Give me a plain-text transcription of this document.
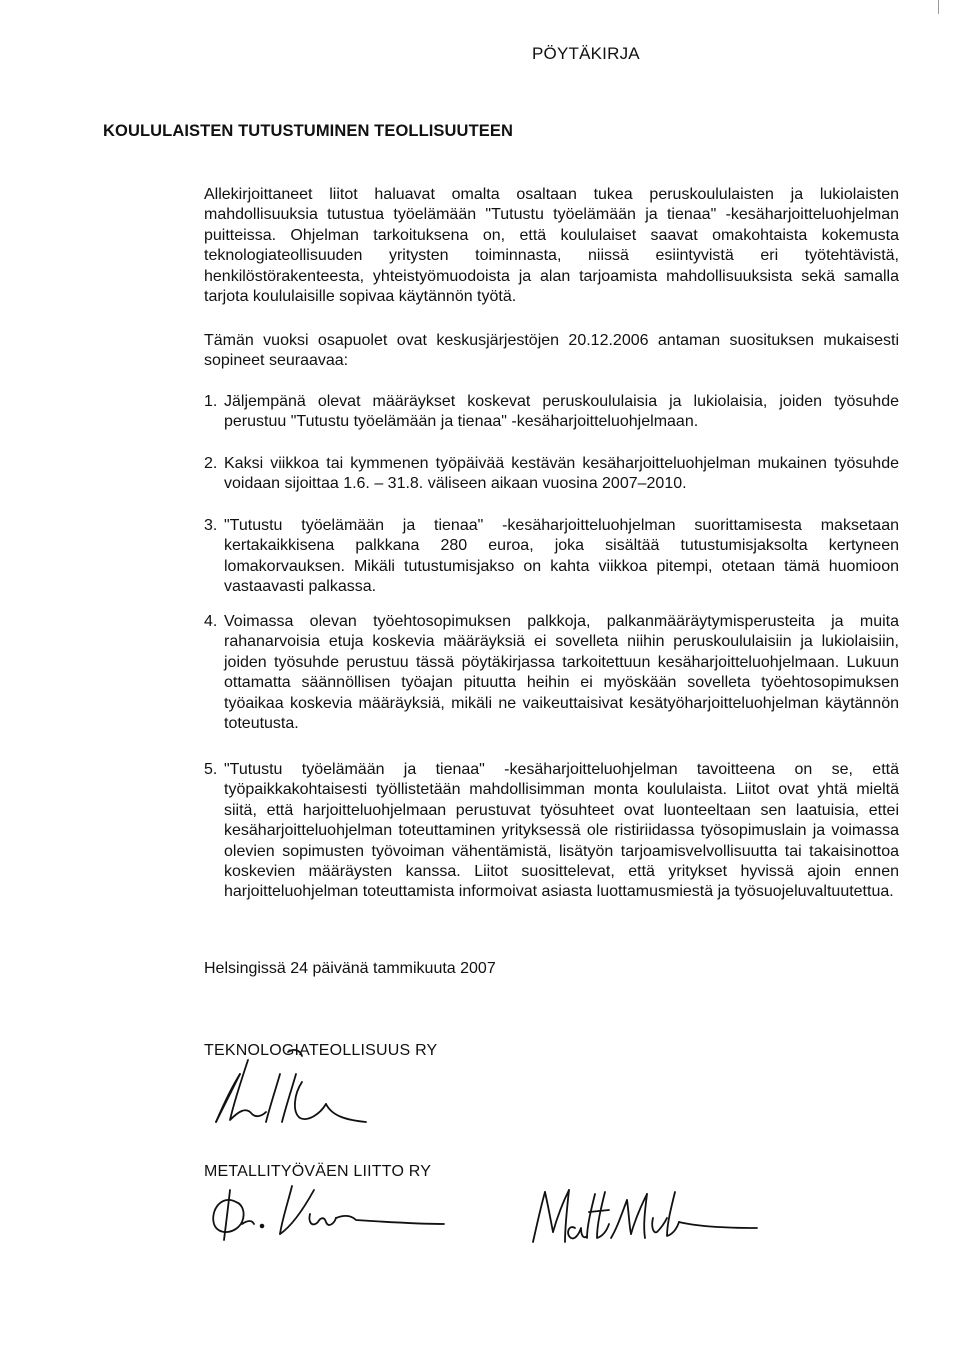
PÖYTÄKIRJA
KOULULAISTEN TUTUSTUMINEN TEOLLISUUTEEN

Allekirjoittaneet liitot haluavat omalta osaltaan tukea peruskoululaisten ja lukiolaisten mahdollisuuksia tutustua työelämään "Tutustu työelämään ja tienaa" -kesäharjoitteluohjelman puitteissa. Ohjelman tarkoituksena on, että koululaiset saavat omakohtaista kokemusta teknologiateollisuuden yritysten toiminnasta, niissä esiintyvistä eri työtehtävistä, henkilöstörakenteesta, yhteistyömuodoista ja alan tarjoamista mahdollisuuksista sekä samalla tarjota koululaisille sopivaa käytännön työtä.

Tämän vuoksi osapuolet ovat keskusjärjestöjen 20.12.2006 antaman suosituksen mukaisesti sopineet seuraavaa:

1. Jäljempänä olevat määräykset koskevat peruskoululaisia ja lukiolaisia, joiden työsuhde perustuu "Tutustu työelämään ja tienaa" -kesäharjoitteluohjelmaan.
2. Kaksi viikkoa tai kymmenen työpäivää kestävän kesäharjoitteluohjelman mukainen työsuhde voidaan sijoittaa 1.6. – 31.8. väliseen aikaan vuosina 2007–2010.
3. "Tutustu työelämään ja tienaa" -kesäharjoitteluohjelman suorittamisesta maksetaan kertakaikkisena palkkana 280 euroa, joka sisältää tutustumisjaksolta kertyneen lomakorvauksen. Mikäli tutustumisjakso on kahta viikkoa pitempi, otetaan tämä huomioon vastaavasti palkassa.
4. Voimassa olevan työehtosopimuksen palkkoja, palkanmääräytymisperusteita ja muita rahanarvoisia etuja koskevia määräyksiä ei sovelleta niihin peruskoululaisiin ja lukiolaisiin, joiden työsuhde perustuu tässä pöytäkirjassa tarkoitettuun kesäharjoitteluohjelmaan. Lukuun ottamatta säännöllisen työajan pituutta heihin ei myöskään sovelleta työehtosopimuksen työaikaa koskevia määräyksiä, mikäli ne vaikeuttaisivat kesätyöharjoitteluohjelman käytännön toteutusta.
5. "Tutustu työelämään ja tienaa" -kesäharjoitteluohjelman tavoitteena on se, että työpaikkakohtaisesti työllistetään mahdollisimman monta koululaista. Liitot ovat yhtä mieltä siitä, että harjoitteluohjelmaan perustuvat työsuhteet ovat luonteeltaan sen laatuisia, ettei kesäharjoitteluohjelman toteuttaminen yrityksessä ole ristiriidassa työsopimuslain ja voimassa olevien sopimusten työvoiman vähentämistä, lisätyön tarjoamisvelvollisuutta tai takaisinottoa koskevien määräysten kanssa. Liitot suosittelevat, että yritykset hyvissä ajoin ennen harjoitteluohjelman toteuttamista informoivat asiasta luottamusmiestä ja työsuojeluvaltuutettua.
Helsingissä 24 päivänä tammikuuta 2007
TEKNOLOGIATEOLLISUUS RY
METALLITYÖVÄEN LIITTO RY
